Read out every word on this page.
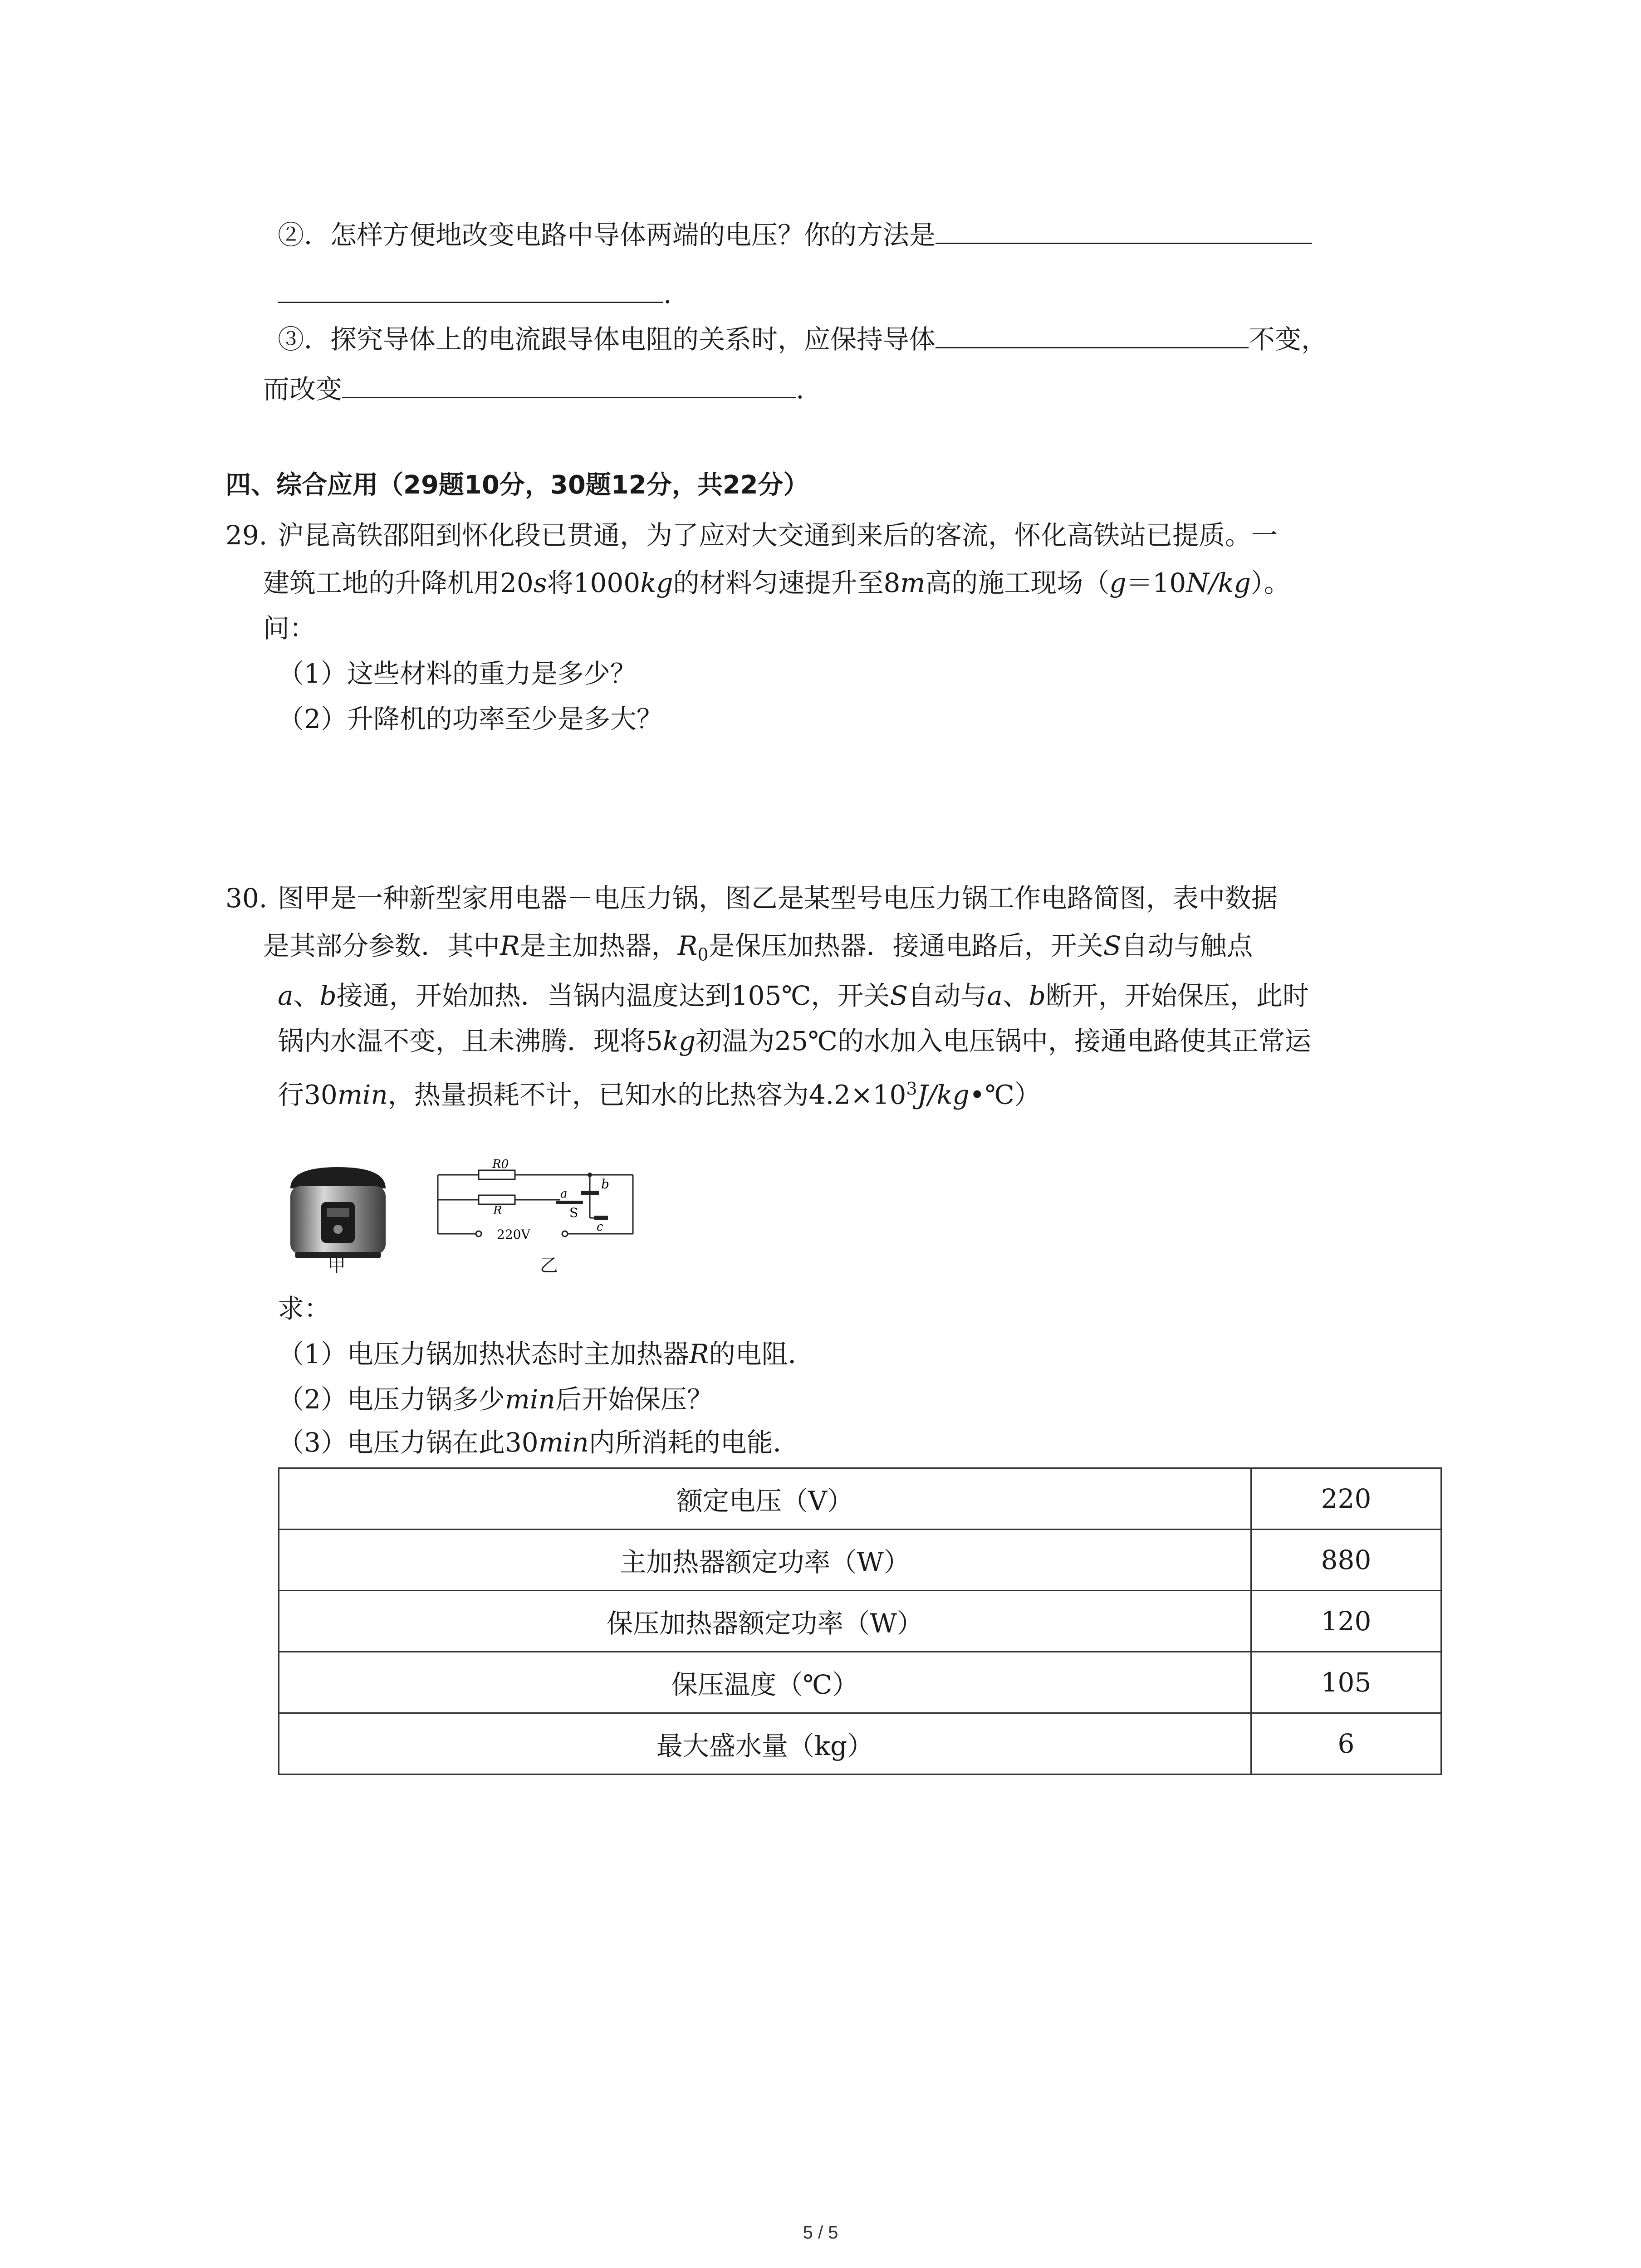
②．怎样方便地改变电路中导体两端的电压？你的方法是
.
③．探究导体上的电流跟导体电阻的关系时，应保持导体	不变，
而改变	.
四、综合应用（29题10分，30题12分，共22分）
29. 沪昆高铁邵阳到怀化段已贯通，为了应对大交通到来后的客流，怀化高铁站已提质。一
建筑工地的升降机用20s将1000kg的材料匀速提升至8m高的施工现场（g＝10N/kg）。
问：
（1）这些材料的重力是多少？
（2）升降机的功率至少是多大？
30. 图甲是一种新型家用电器－电压力锅，图乙是某型号电压力锅工作电路简图，表中数据
是其部分参数．其中R是主加热器，$R_0$是保压加热器．接通电路后，开关S自动与触点
a、b接通，开始加热．当锅内温度达到105℃，开关S自动与a、b断开，开始保压，此时
锅内水温不变，且未沸腾．现将5kg初温为25℃的水加入电压锅中，接通电路使其正常运
行30min，热量损耗不计，已知水的比热容为$4.2\times 10^3J/kg•℃$）
甲
R0
R
a
b
c
S
220V
乙
求：
（1）电压力锅加热状态时主加热器R的电阻．
（2）电压力锅多少min后开始保压？
（3）电压力锅在此30min内所消耗的电能．
额定电压（V）	220
主加热器额定功率（W）	880
保压加热器额定功率（W）	120
保压温度（℃）	105
最大盛水量（kg）	6
5 / 5
